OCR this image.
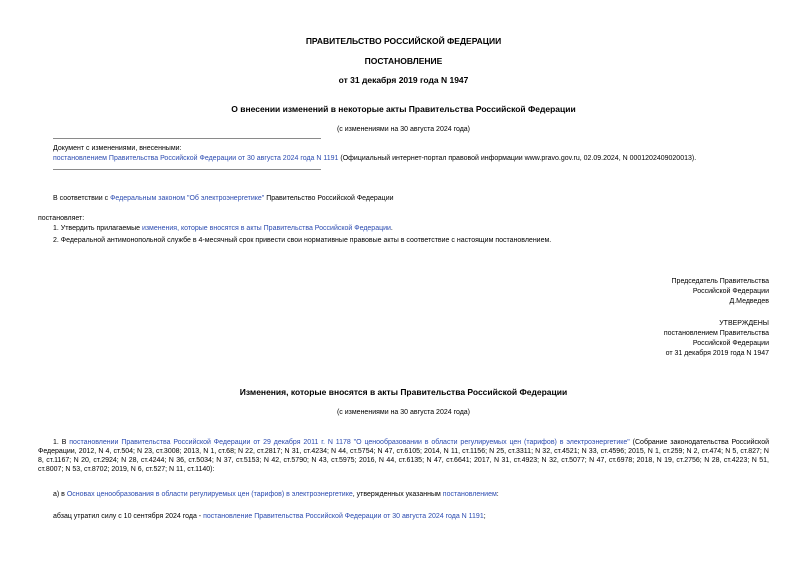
ПРАВИТЕЛЬСТВО РОССИЙСКОЙ ФЕДЕРАЦИИ
ПОСТАНОВЛЕНИЕ
от 31 декабря 2019 года N 1947
О внесении изменений в некоторые акты Правительства Российской Федерации
(с изменениями на 30 августа 2024 года)
Документ с изменениями, внесенными:
постановлением Правительства Российской Федерации от 30 августа 2024 года N 1191 (Официальный интернет-портал правовой информации www.pravo.gov.ru, 02.09.2024, N 0001202409020013).
В соответствии с Федеральным законом "Об электроэнергетике" Правительство Российской Федерации
постановляет:
1. Утвердить прилагаемые изменения, которые вносятся в акты Правительства Российской Федерации.
2. Федеральной антимонопольной службе в 4-месячный срок привести свои нормативные правовые акты в соответствие с настоящим постановлением.
Председатель Правительства
Российской Федерации
Д.Медведев
УТВЕРЖДЕНЫ
постановлением Правительства
Российской Федерации
от 31 декабря 2019 года N 1947
Изменения, которые вносятся в акты Правительства Российской Федерации
(с изменениями на 30 августа 2024 года)
1. В постановлении Правительства Российской Федерации от 29 декабря 2011 г. N 1178 "О ценообразовании в области регулируемых цен (тарифов) в электроэнергетике" (Собрание законодательства Российской Федерации, 2012, N 4, ст.504; N 23, ст.3008; 2013, N 1, ст.68; N 22, ст.2817; N 31, ст.4234; N 44, ст.5754; N 47, ст.6105; 2014, N 11, ст.1156; N 25, ст.3311; N 32, ст.4521; N 33, ст.4596; 2015, N 1, ст.259; N 2, ст.474; N 5, ст.827; N 8, ст.1167; N 20, ст.2924; N 28, ст.4244; N 36, ст.5034; N 37, ст.5153; N 42, ст.5790; N 43, ст.5975; 2016, N 44, ст.6135; N 47, ст.6641; 2017, N 31, ст.4923; N 32, ст.5077; N 47, ст.6978; 2018, N 19, ст.2756; N 28, ст.4223; N 51, ст.8007; N 53, ст.8702; 2019, N 6, ст.527; N 11, ст.1140):
а) в Основах ценообразования в области регулируемых цен (тарифов) в электроэнергетике, утвержденных указанным постановлением:
абзац утратил силу с 10 сентября 2024 года - постановление Правительства Российской Федерации от 30 августа 2024 года N 1191;
